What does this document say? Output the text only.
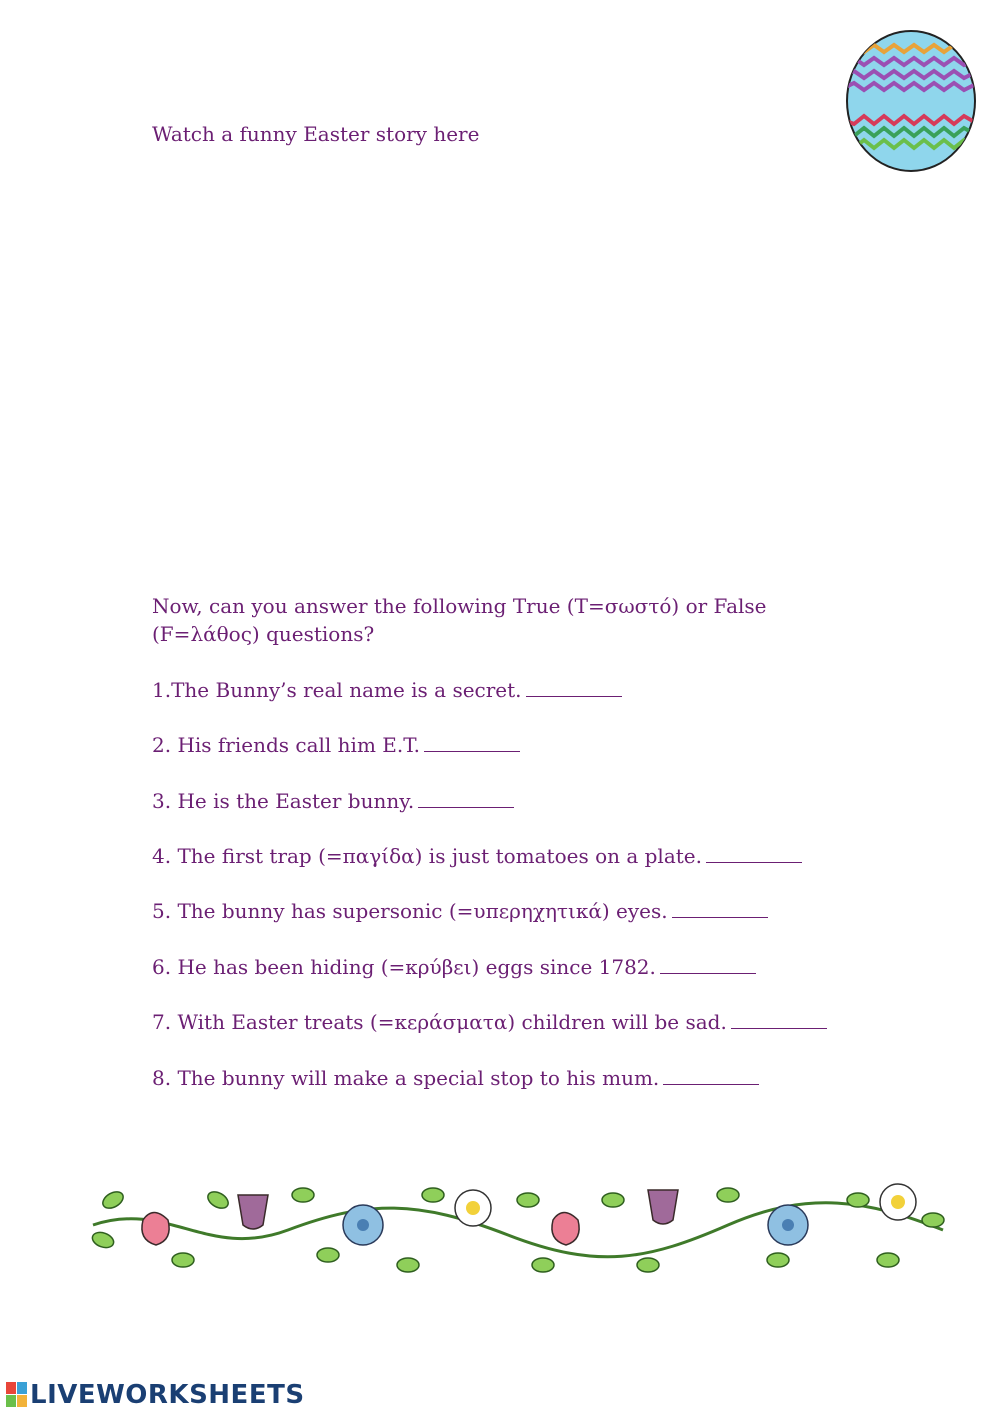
Watch a funny Easter story here
Now, can you answer the following True (T=σωστό) or False
(F=λάθος) questions?
1.The Bunny’s real name is a secret.
2. His friends call him E.T.
3. He is the Easter bunny.
4. The first trap (=παγίδα) is just tomatoes on a plate.
5. The bunny has supersonic (=υπερηχητικά) eyes.
6. He has been hiding (=κρύβει) eggs since 1782.
7. With Easter treats (=κεράσματα) children will be sad.
8. The bunny will make a special stop to his mum.
LIVEWORKSHEETS
